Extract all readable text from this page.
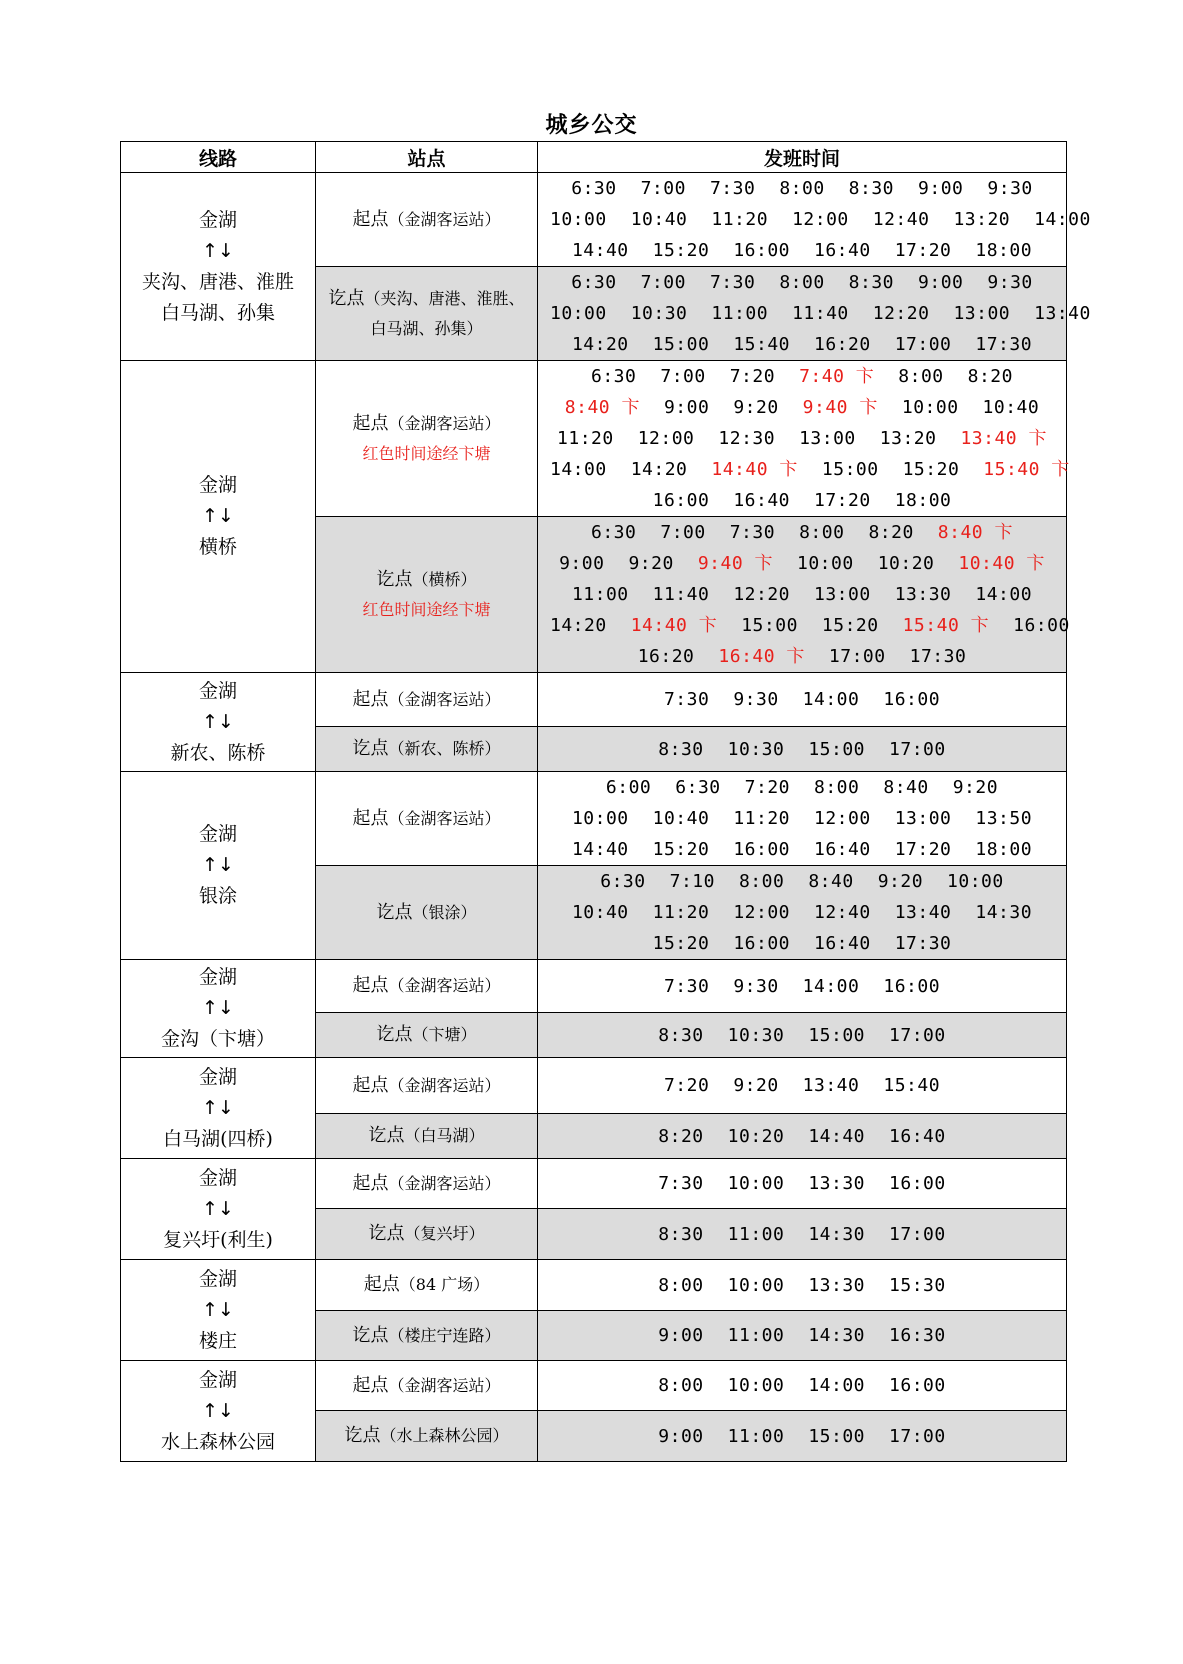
城乡公交
线路	站点	发班时间

金湖
↑↓
夹沟、唐港、淮胜
白马湖、孙集	起点（金湖客运站）	6:30 7:00 7:30 8:00 8:30 9:00 9:30
10:00 10:40 11:20 12:00 12:40 13:20 14:00
14:40 15:20 16:00 16:40 17:20 18:00

	讫点（夹沟、唐港、淮胜、
白马湖、孙集）	6:30 7:00 7:30 8:00 8:30 9:00 9:30
10:00 10:30 11:00 11:40 12:20 13:00 13:40
14:20 15:00 15:40 16:20 17:00 17:30

金湖
↑↓
横桥	起点（金湖客运站）
红色时间途经卞塘	6:30 7:00 7:20 7:40 卞 8:00 8:20
8:40 卞 9:00 9:20 9:40 卞 10:00 10:40
11:20 12:00 12:30 13:00 13:20 13:40 卞
14:00 14:20 14:40 卞 15:00 15:20 15:40 卞
16:00 16:40 17:20 18:00

	讫点（横桥）
红色时间途经卞塘	6:30 7:00 7:30 8:00 8:20 8:40 卞
9:00 9:20 9:40 卞 10:00 10:20 10:40 卞
11:00 11:40 12:20 13:00 13:30 14:00
14:20 14:40 卞 15:00 15:20 15:40 卞 16:00
16:20 16:40 卞 17:00 17:30

金湖
↑↓
新农、陈桥	起点（金湖客运站）	7:30 9:30 14:00 16:00

	讫点（新农、陈桥）	8:30 10:30 15:00 17:00

金湖
↑↓
银涂	起点（金湖客运站）	6:00 6:30 7:20 8:00 8:40 9:20
10:00 10:40 11:20 12:00 13:00 13:50
14:40 15:20 16:00 16:40 17:20 18:00

	讫点（银涂）	6:30 7:10 8:00 8:40 9:20 10:00
10:40 11:20 12:00 12:40 13:40 14:30
15:20 16:00 16:40 17:30

金湖
↑↓
金沟（卞塘）	起点（金湖客运站）	7:30 9:30 14:00 16:00

	讫点（卞塘）	8:30 10:30 15:00 17:00

金湖
↑↓
白马湖(四桥)	起点（金湖客运站）	7:20 9:20 13:40 15:40

	讫点（白马湖）	8:20 10:20 14:40 16:40

金湖
↑↓
复兴圩(利生)	起点（金湖客运站）	7:30 10:00 13:30 16:00

	讫点（复兴圩）	8:30 11:00 14:30 17:00

金湖
↑↓
楼庄	起点（84 广场）	8:00 10:00 13:30 15:30

	讫点（楼庄宁连路）	9:00 11:00 14:30 16:30

金湖
↑↓
水上森林公园	起点（金湖客运站）	8:00 10:00 14:00 16:00

	讫点（水上森林公园）	9:00 11:00 15:00 17:00
